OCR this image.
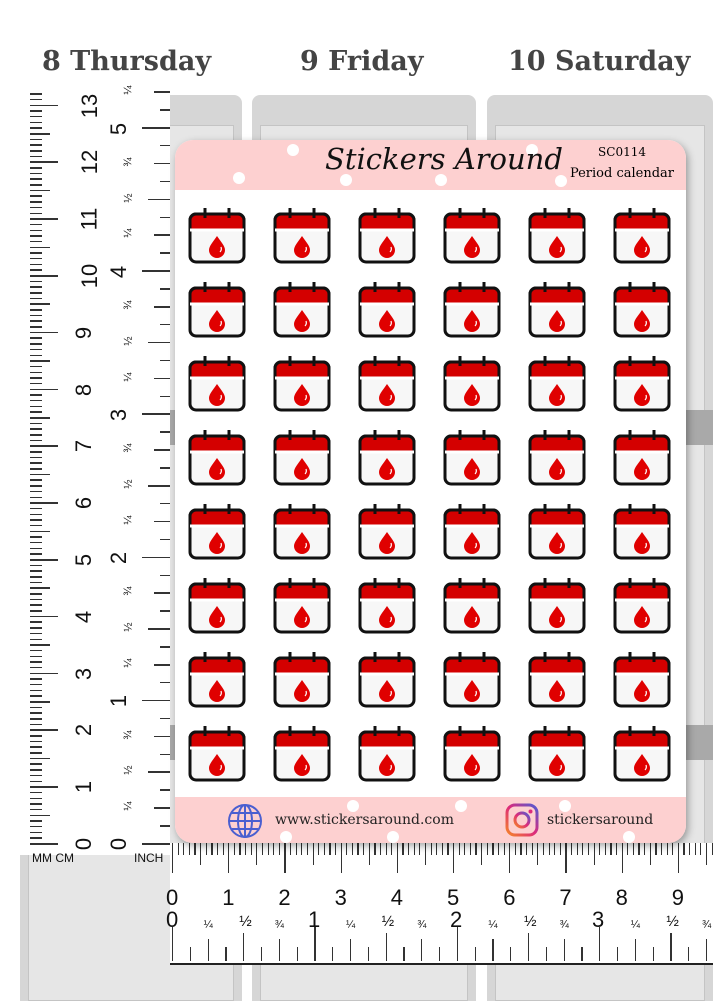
8 Thursday	9 Friday	10 Saturday
0
1
2
3
4
5
6
7
8
9
10
11
12
13
¼
½
¾
¼
½
¾
¼
½
¾
¼
½
¾
¼
½
¾
¼
0
1
2
3
4
5
MM CM	INCH
0 1 2 3 4 5 6 7 8 9
¼ ½ ¾	¼ ½ ¾	¼ ½ ¾	¼ ½ ¾
0	1	2	3
Stickers Around	SC0114
Period calendar
www.stickersaround.com	stickersaround
